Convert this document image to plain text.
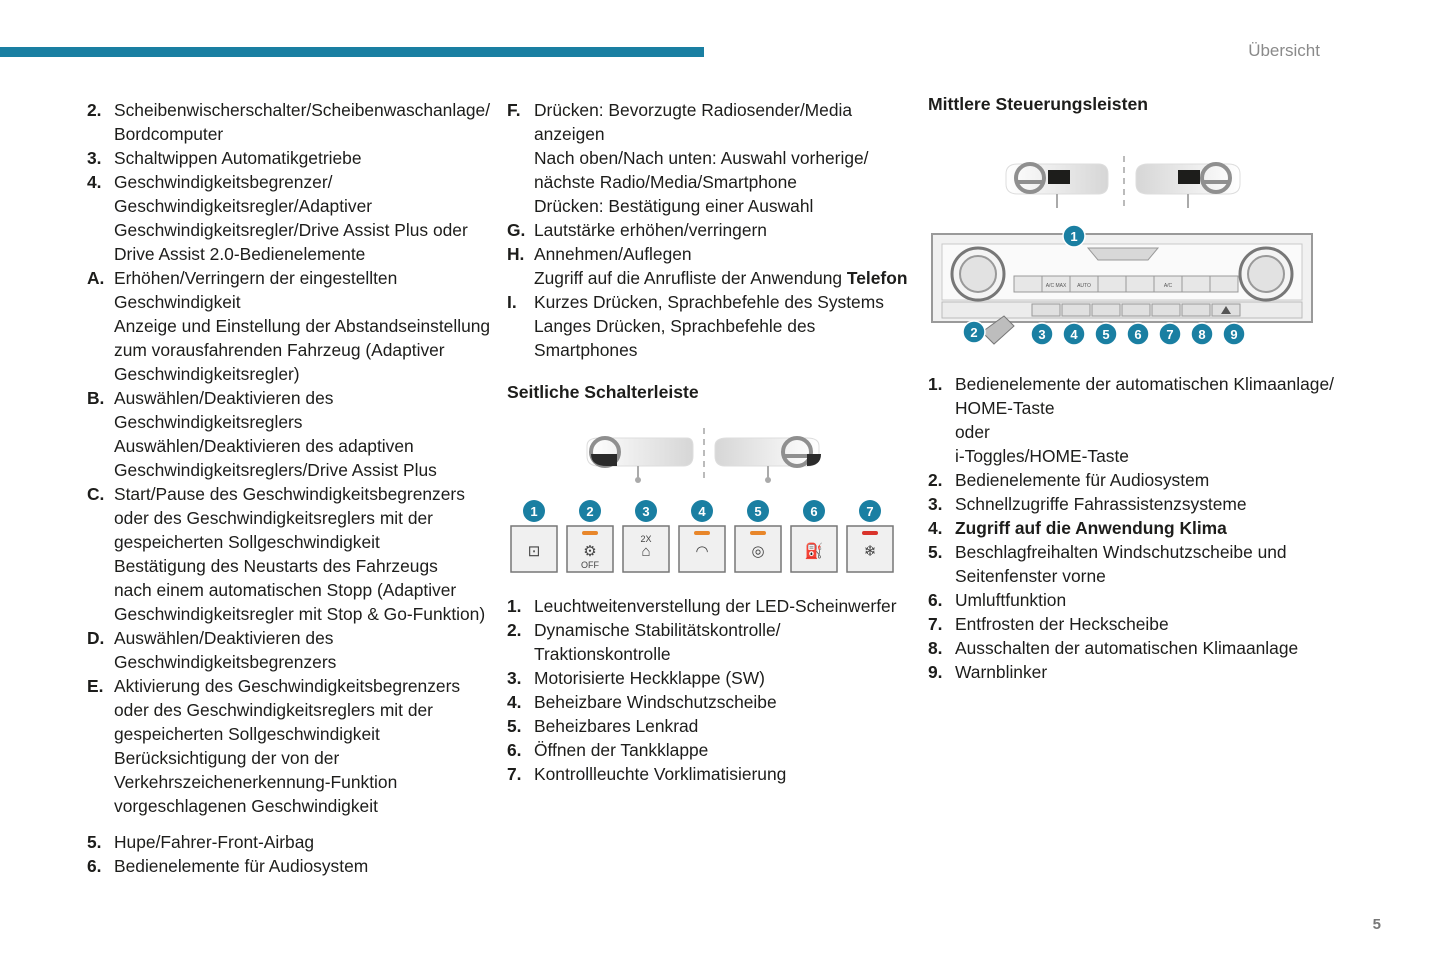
Übersicht
2. Scheibenwischerschalter/Scheibenwaschanlage/
Bordcomputer
3. Schaltwippen Automatikgetriebe
4. Geschwindigkeitsbegrenzer/
Geschwindigkeitsregler/Adaptiver
Geschwindigkeitsregler/Drive Assist Plus oder
Drive Assist 2.0-Bedienelemente
A. Erhöhen/Verringern der eingestellten
Geschwindigkeit
Anzeige und Einstellung der Abstandseinstellung
zum vorausfahrenden Fahrzeug (Adaptiver
Geschwindigkeitsregler)
B. Auswählen/Deaktivieren des
Geschwindigkeitsreglers
Auswählen/Deaktivieren des adaptiven
Geschwindigkeitsreglers/Drive Assist Plus
C. Start/Pause des Geschwindigkeitsbegrenzers
oder des Geschwindigkeitsreglers mit der
gespeicherten Sollgeschwindigkeit
Bestätigung des Neustarts des Fahrzeugs
nach einem automatischen Stopp (Adaptiver
Geschwindigkeitsregler mit Stop & Go-Funktion)
D. Auswählen/Deaktivieren des
Geschwindigkeitsbegrenzers
E. Aktivierung des Geschwindigkeitsbegrenzers
oder des Geschwindigkeitsreglers mit der
gespeicherten Sollgeschwindigkeit
Berücksichtigung der von der
Verkehrszeichenerkennung-Funktion
vorgeschlagenen Geschwindigkeit
5. Hupe/Fahrer-Front-Airbag
6. Bedienelemente für Audiosystem
F. Drücken: Bevorzugte Radiosender/Media
anzeigen
Nach oben/Nach unten: Auswahl vorherige/
nächste Radio/Media/Smartphone
Drücken: Bestätigung einer Auswahl
G. Lautstärke erhöhen/verringern
H. Annehmen/Auflegen
Zugriff auf die Anrufliste der Anwendung Telefon
I. Kurzes Drücken, Sprachbefehle des Systems
Langes Drücken, Sprachbefehle des
Smartphones
Seitliche Schalterleiste
1
⊡
2
⚙
OFF
3
⌂
2X
4
◠
5
◎
6
⛽
7
❄
1. Leuchtweitenverstellung der LED-Scheinwerfer
2. Dynamische Stabilitätskontrolle/
Traktionskontrolle
3. Motorisierte Heckklappe (SW)
4. Beheizbare Windschutzscheibe
5. Beheizbares Lenkrad
6. Öffnen der Tankklappe
7. Kontrollleuchte Vorklimatisierung
Mittlere Steuerungsleisten
A/C MAX AUTO	A/C
1
2	3 4 5 6 7 8 9
1. Bedienelemente der automatischen Klimaanlage/
HOME-Taste
oder
i-Toggles/HOME-Taste
2. Bedienelemente für Audiosystem
3. Schnellzugriffe Fahrassistenzsysteme
4. Zugriff auf die Anwendung Klima
5. Beschlagfreihalten Windschutzscheibe und
Seitenfenster vorne
6. Umluftfunktion
7. Entfrosten der Heckscheibe
8. Ausschalten der automatischen Klimaanlage
9. Warnblinker
5
